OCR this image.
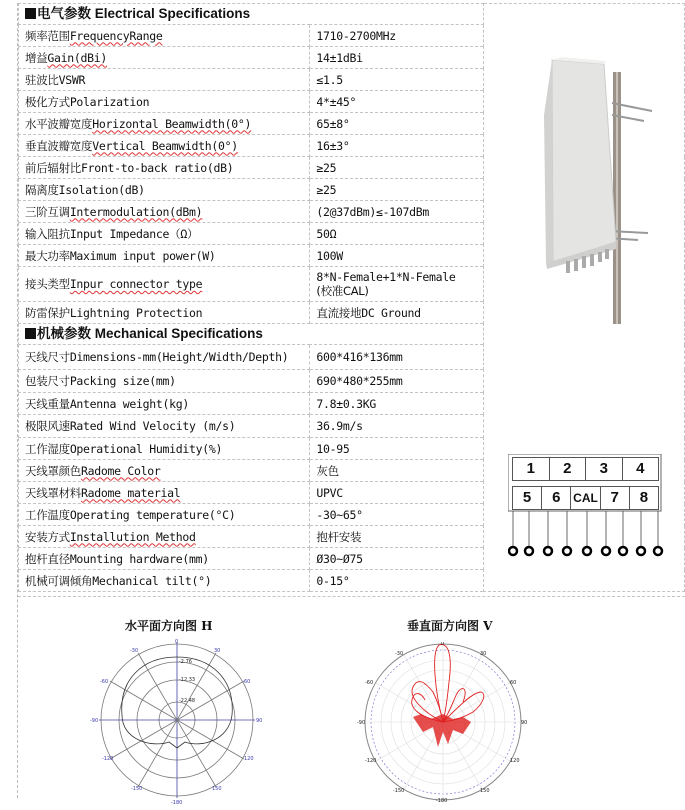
电气参数 Electrical Specifications		
频率范围FrequencyRange	1710-2700MHz	
增益Gain(dBi)	14±1dBi	
驻波比VSWR	≤1.5	
极化方式Polarization	4*±45°	
水平波瓣宽度Horizontal Beamwidth(0°)	65±8°	
垂直波瓣宽度Vertical Beamwidth(0°)	16±3°	
前后辐射比Front-to-back ratio(dB)	≥25	
隔离度Isolation(dB)	≥25	
三阶互调Intermodulation(dBm)	(2@37dBm)≤-107dBm	
输入阻抗Input Impedance（Ω）	50Ω	
最大功率Maximum input power(W)	100W	
接头类型Inpur connector type	8*N-Female+1*N-Female
(校准CAL)	
防雷保护Lightning Protection	直流接地DC Ground	
机械参数 Mechanical Specifications		
天线尺寸Dimensions-mm(Height/Width/Depth)	600*416*136mm	
包装尺寸Packing size(mm)	690*480*255mm	
天线重量Antenna weight(kg)	7.8±0.3KG	
极限风速Rated Wind Velocity (m/s)	36.9m/s	
工作湿度Operational Humidity(%)	10-95	
天线罩颜色Radome Color	灰色	
天线罩材料Radome material	UPVC	
工作温度Operating temperature(°C)	-30~65°	
安装方式Installution Method	抱杆安装	
抱杆直径Mounting hardware(mm)	Ø30~Ø75	
机械可调倾角Mechanical tilt(°)	0-15°	
1	2	3	4
5	6	CAL 7	8
水平面方向图 H	垂直面方向图 V
0
30
60
90
120
150
-180
-150
-120
-90
-60
-30
-2.76
-12.33
-22.48
0
30
60
90
120
150
-180
-150
-120
-90
-60
-30
